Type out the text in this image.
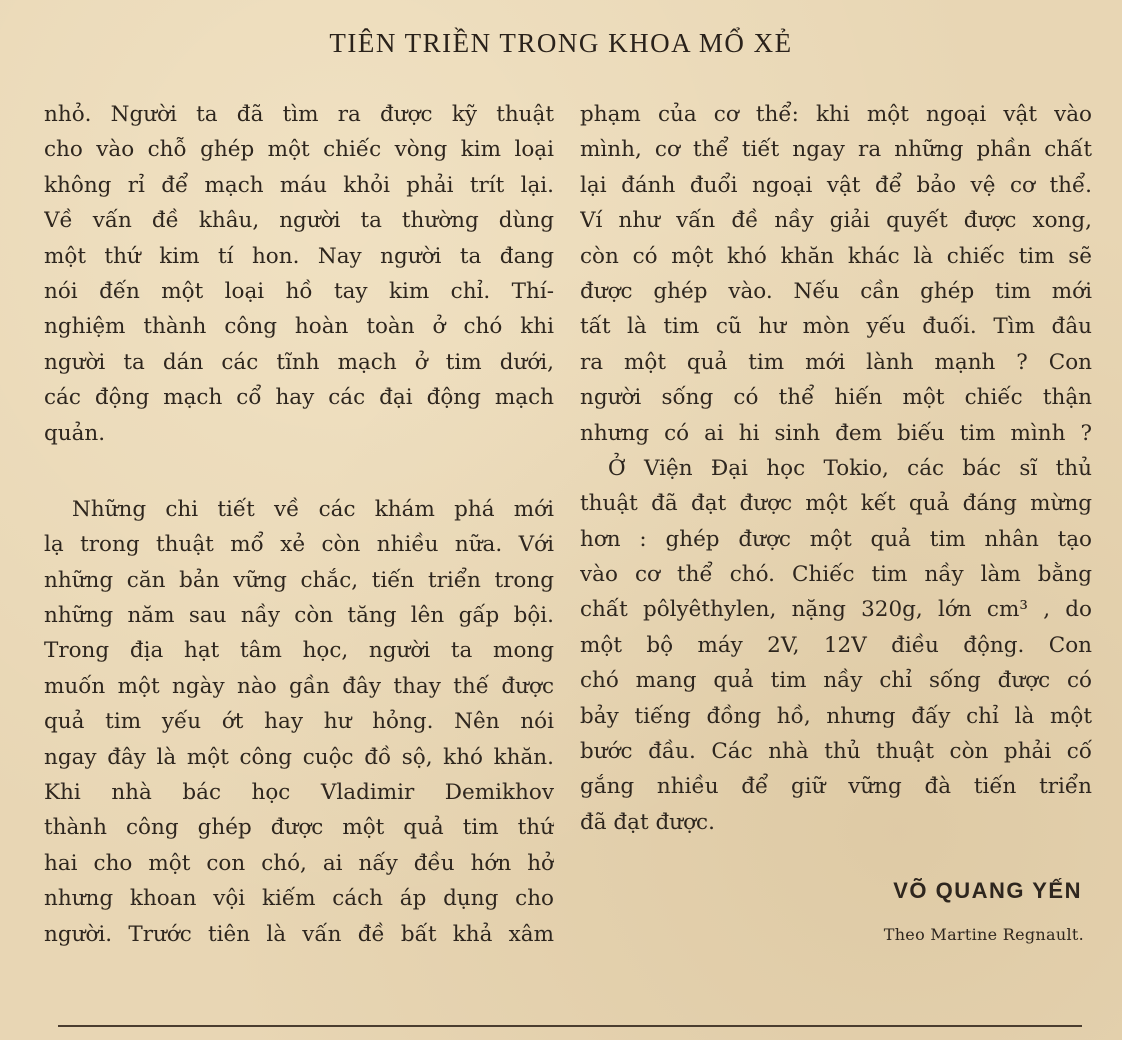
TIÊN TRIỀN TRONG KHOA MỔ XẺ
nhỏ. Người ta đã tìm ra được kỹ thuật
cho vào chỗ ghép một chiếc vòng kim loại
không rỉ để mạch máu khỏi phải trít lại.
Về vấn đề khâu, người ta thường dùng
một thứ kim tí hon. Nay người ta đang
nói đến một loại hồ tay kim chỉ. Thí-
nghiệm thành công hoàn toàn ở chó khi
người ta dán các tĩnh mạch ở tim dưới,
các động mạch cổ hay các đại động mạch
quản.
Những chi tiết về các khám phá mới
lạ trong thuật mổ xẻ còn nhiều nữa. Với
những căn bản vững chắc, tiến triển trong
những năm sau nầy còn tăng lên gấp bội.
Trong địa hạt tâm học, người ta mong
muốn một ngày nào gần đây thay thế được
quả tim yếu ớt hay hư hỏng. Nên nói
ngay đây là một công cuộc đồ sộ, khó khăn.
Khi nhà bác học Vladimir Demikhov
thành công ghép được một quả tim thứ
hai cho một con chó, ai nấy đều hớn hở
nhưng khoan vội kiếm cách áp dụng cho
người. Trước tiên là vấn đề bất khả xâm
phạm của cơ thể: khi một ngoại vật vào
mình, cơ thể tiết ngay ra những phần chất
lại đánh đuổi ngoại vật để bảo vệ cơ thể.
Ví như vấn đề nầy giải quyết được xong,
còn có một khó khăn khác là chiếc tim sẽ
được ghép vào. Nếu cần ghép tim mới
tất là tim cũ hư mòn yếu đuối. Tìm đâu
ra một quả tim mới lành mạnh ? Con
người sống có thể hiến một chiếc thận
nhưng có ai hi sinh đem biếu tim mình ?
Ở Viện Đại học Tokio, các bác sĩ thủ
thuật đã đạt được một kết quả đáng mừng
hơn : ghép được một quả tim nhân tạo
vào cơ thể chó. Chiếc tim nầy làm bằng
chất pôlyêthylen, nặng 320g, lớn cm³ , do
một bộ máy 2V, 12V điều động. Con
chó mang quả tim nầy chỉ sống được có
bảy tiếng đồng hồ, nhưng đấy chỉ là một
bước đầu. Các nhà thủ thuật còn phải cố
gắng nhiều để giữ vững đà tiến triển
đã đạt được.
VÕ QUANG YẾN
Theo Martine Regnault.
